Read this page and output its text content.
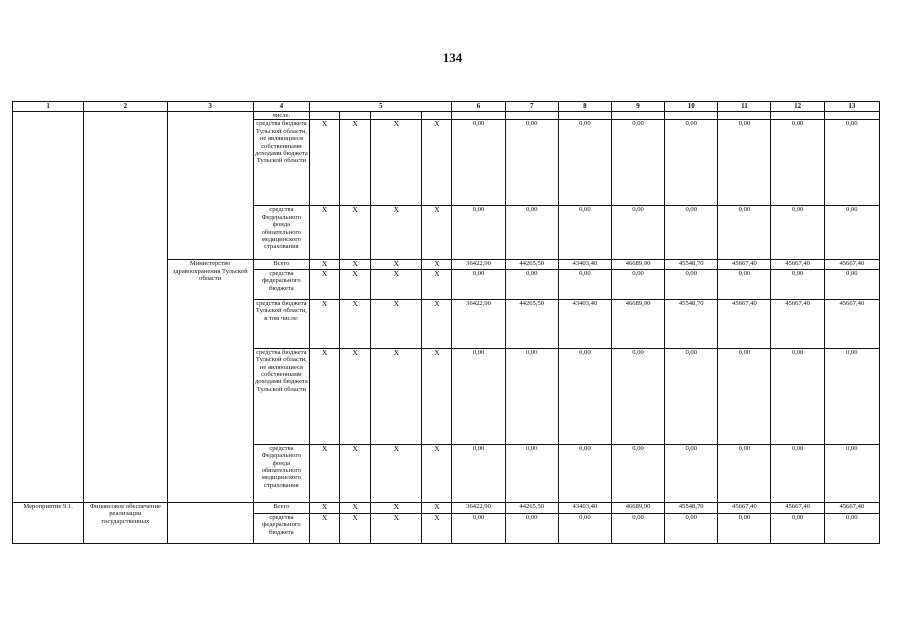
134
1	2	3	4	5				6	7	8	9	10	11	12	13
			числе:												
			средства бюджета Тульской области, не являющиеся собственными доходами бюджета Тульской области	X	X	X	X	0,00	0,00	0,00	0,00	0,00	0,00	0,00	0,00
			средства Федерального фонда обязательного медицинского страхования	X	X	X	X	0,00	0,00	0,00	0,00	0,00	0,00	0,00	0,00
		Министерство здравоохранения Тульской области	Всего	X	X	X	X	36422,90	44265,50	43403,40	46689,90	45548,70	45667,40	45667,40	45667,40
			средства федерального бюджета	X	X	X	X	0,00	0,00	0,00	0,00	0,00	0,00	0,00	0,00
			средства бюджета Тульской области, в том числе:	X	X	X	X	36422,90	44265,50	43403,40	46689,90	45548,70	45667,40	45667,40	45667,40
			средства бюджета Тульской области, не являющиеся собственными доходами бюджета Тульской области	X	X	X	X	0,00	0,00	0,00	0,00	0,00	0,00	0,00	0,00
			средства Федерального фонда обязательного медицинского страхования	X	X	X	X	0,00	0,00	0,00	0,00	0,00	0,00	0,00	0,00
Мероприятие 9.1.	Финансовое обеспечение реализации государственных		Всего	X	X	X	X	36422,90	44265,50	43403,40	46689,90	45548,70	45667,40	45667,40	45667,40
			средства федерального бюджета	X	X	X	X	0,00	0,00	0,00	0,00	0,00	0,00	0,00	0,00
